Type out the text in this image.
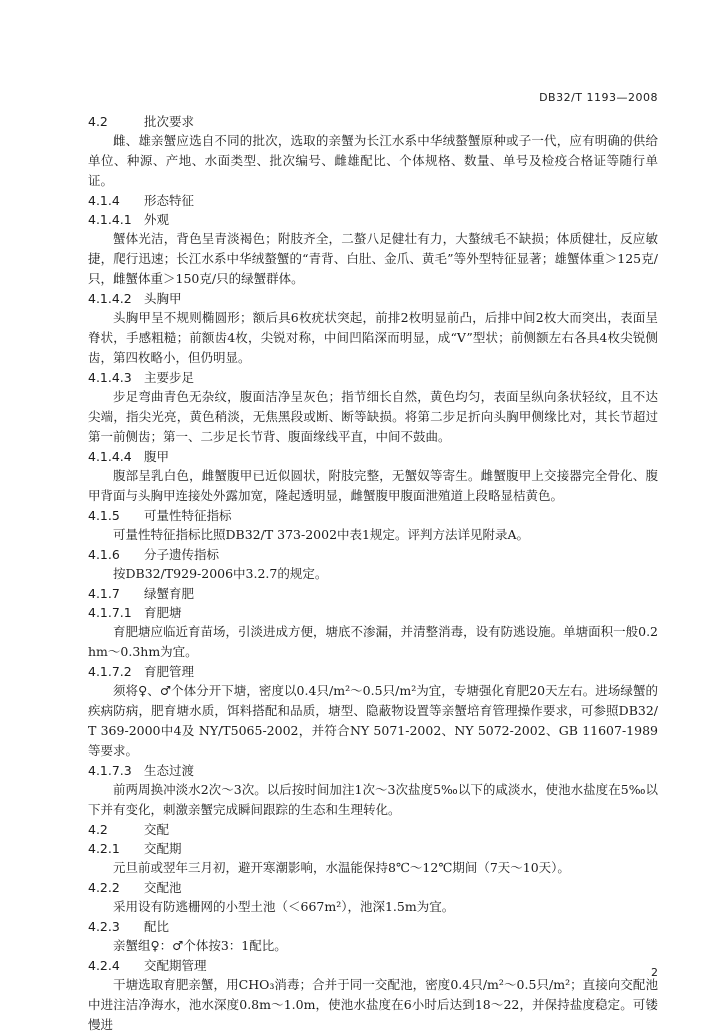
DB32/T 1193—2008
4.2	批次要求

雌、雄亲蟹应选自不同的批次，选取的亲蟹为长江水系中华绒螯蟹原种或子一代，应有明确的供给单位、种源、产地、水面类型、批次编号、雌雄配比、个体规格、数量、单号及检疫合格证等随行单证。

4.1.4 形态特征
4.1.4.1 外观

蟹体光洁，背色呈青淡褐色；附肢齐全，二螯八足健壮有力，大螯绒毛不缺损；体质健壮，反应敏捷，爬行迅速；长江水系中华绒螯蟹的“青背、白肚、金爪、黄毛”等外型特征显著；雄蟹体重＞125克/只，雌蟹体重＞150克/只的绿蟹群体。

4.1.4.2 头胸甲

头胸甲呈不规则椭圆形；额后具6枚疣状突起，前排2枚明显前凸，后排中间2枚大而突出，表面呈脊状，手感粗糙；前额齿4枚，尖锐对称，中间凹陷深而明显，成“V”型状；前侧额左右各具4枚尖锐侧齿，第四枚略小，但仍明显。

4.1.4.3 主要步足

步足弯曲青色无杂纹，腹面洁净呈灰色；指节细长自然，黄色均匀，表面呈纵向条状轻纹，且不达尖端，指尖光亮，黄色稍淡，无焦黑段或断、断等缺损。将第二步足折向头胸甲侧缘比对，其长节超过第一前侧齿；第一、二步足长节背、腹面缘线平直，中间不鼓曲。

4.1.4.4 腹甲

腹部呈乳白色，雌蟹腹甲已近似圆状，附肢完整，无蟹奴等寄生。雌蟹腹甲上交接器完全骨化、腹甲背面与头胸甲连接处外露加宽，隆起透明显，雌蟹腹甲腹面泄殖道上段略显桔黄色。

4.1.5 可量性特征指标

可量性特征指标比照DB32/T 373-2002中表1规定。评判方法详见附录A。

4.1.6 分子遗传指标

按DB32/T929-2006中3.2.7的规定。

4.1.7 绿蟹育肥
4.1.7.1 育肥塘

育肥塘应临近育苗场，引淡进成方便，塘底不渗漏，并清整消毒，设有防逃设施。单塘面积一般0.2hm～0.3hm为宜。

4.1.7.2 育肥管理

须将♀、♂个体分开下塘，密度以0.4只/m²～0.5只/m²为宜，专塘强化育肥20天左右。进场绿蟹的疾病防病，肥育塘水质，饵料搭配和品质，塘型、隐蔽物设置等亲蟹培育管理操作要求，可参照DB32/T 369-2000中4及 NY/T5065-2002，并符合NY 5071-2002、NY 5072-2002、GB 11607-1989等要求。

4.1.7.3 生态过渡

前两周换冲淡水2次～3次。以后按时间加注1次～3次盐度5‰以下的咸淡水，使池水盐度在5‰以下并有变化，刺激亲蟹完成瞬间跟踪的生态和生理转化。

4.2	交配
4.2.1 交配期

元旦前或翌年三月初，避开寒潮影响，水温能保持8℃～12℃期间（7天～10天）。

4.2.2 交配池

采用设有防逃栅网的小型土池（＜667m²），池深1.5m为宜。

4.2.3 配比

亲蟹组♀：♂个体按3：1配比。

4.2.4 交配期管理

干塘选取育肥亲蟹，用CHO₃消毒；合并于同一交配池，密度0.4只/m²～0.5只/m²；直接向交配池中进注洁净海水，池水深度0.8m～1.0m，使池水盐度在6小时后达到18～22，并保持盐度稳定。可镂慢进

2
